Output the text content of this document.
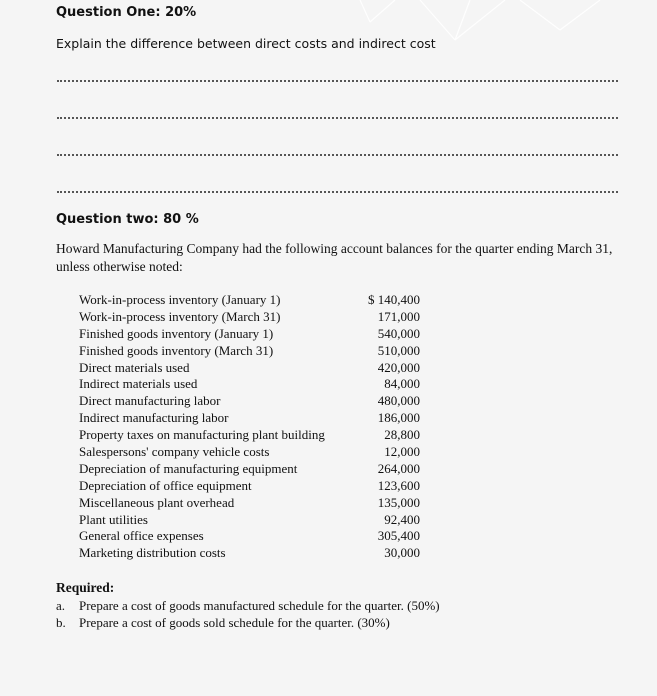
Question One: 20%
Explain the difference between direct costs and indirect cost
Question two: 80 %
Howard Manufacturing Company had the following account balances for the quarter ending March 31, unless otherwise noted:
Work-in-process inventory (January 1)	$ 140,400
Work-in-process inventory (March 31)	171,000
Finished goods inventory (January 1)	540,000
Finished goods inventory (March 31)	510,000
Direct materials used	420,000
Indirect materials used	84,000
Direct manufacturing labor	480,000
Indirect manufacturing labor	186,000
Property taxes on manufacturing plant building	28,800
Salespersons' company vehicle costs	12,000
Depreciation of manufacturing equipment	264,000
Depreciation of office equipment	123,600
Miscellaneous plant overhead	135,000
Plant utilities	92,400
General office expenses	305,400
Marketing distribution costs	30,000
Required:
a.	Prepare a cost of goods manufactured schedule for the quarter. (50%)
b.	Prepare a cost of goods sold schedule for the quarter. (30%)
